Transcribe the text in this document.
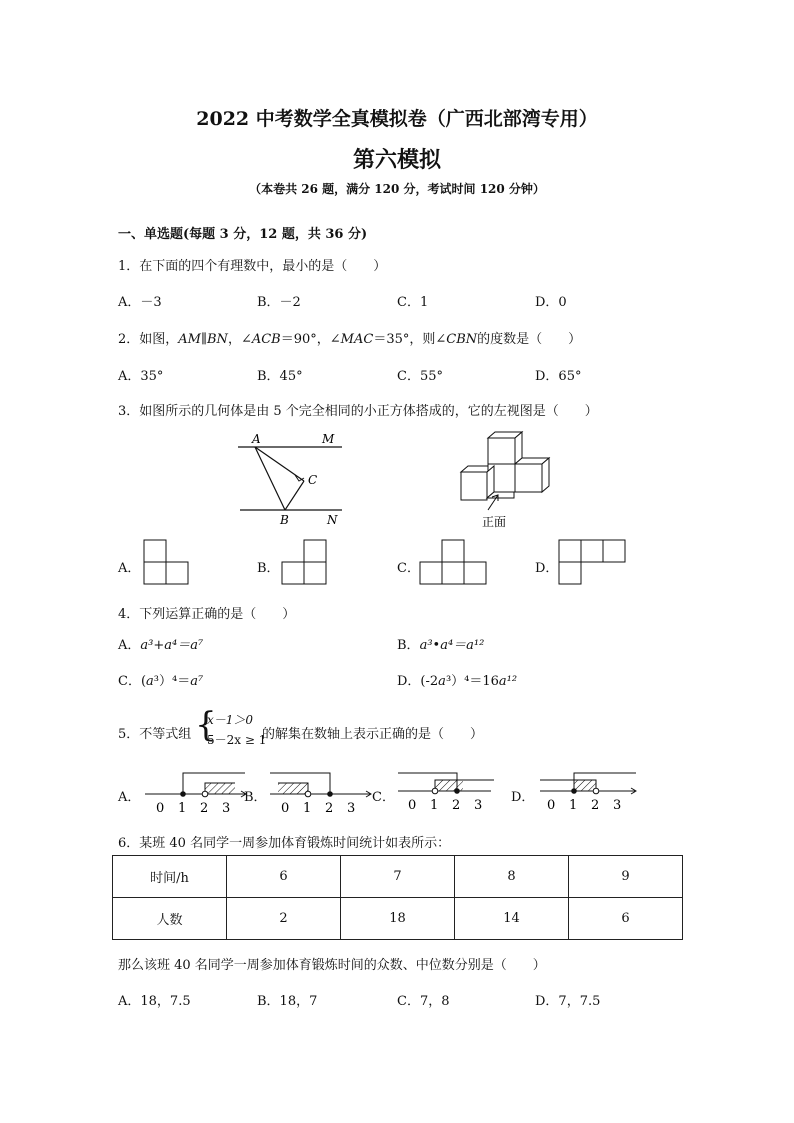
2022 中考数学全真模拟卷（广西北部湾专用）
第六模拟
（本卷共 26 题，满分 120 分，考试时间 120 分钟）
一、单选题(每题 3 分，12 题，共 36 分)
1．在下面的四个有理数中，最小的是（　　）
A．－3	B．－2	C．1	D．0
2．如图，AM∥BN，∠ACB＝90°，∠MAC＝35°，则∠CBN的度数是（　　）
A．35°	B．45°	C．55°	D．65°
3．如图所示的几何体是由 5 个完全相同的小正方体搭成的，它的左视图是（　　）
A	M
C
B	N	正面
A．	B．	C．	D．
4．下列运算正确的是（　　）
A．a³+a⁴＝a⁷	B．a³•a⁴＝a¹²
C．(a³）⁴＝a⁷	D．(-2a³）⁴＝16a¹²
5．不等式组 {
x－1＞0
5－2x ≥ 1
的解集在数轴上表示正确的是（　　）
A．
0 1 2 3
B．
0 1 2 3
C．
0 1 2 3
D．
0 1 2 3
6．某班 40 名同学一周参加体育锻炼时间统计如表所示：
时间/h	6	7	8	9
人数	2	18	14	6
那么该班 40 名同学一周参加体育锻炼时间的众数、中位数分别是（　　）
A．18，7.5	B．18，7	C．7，8	D．7，7.5
